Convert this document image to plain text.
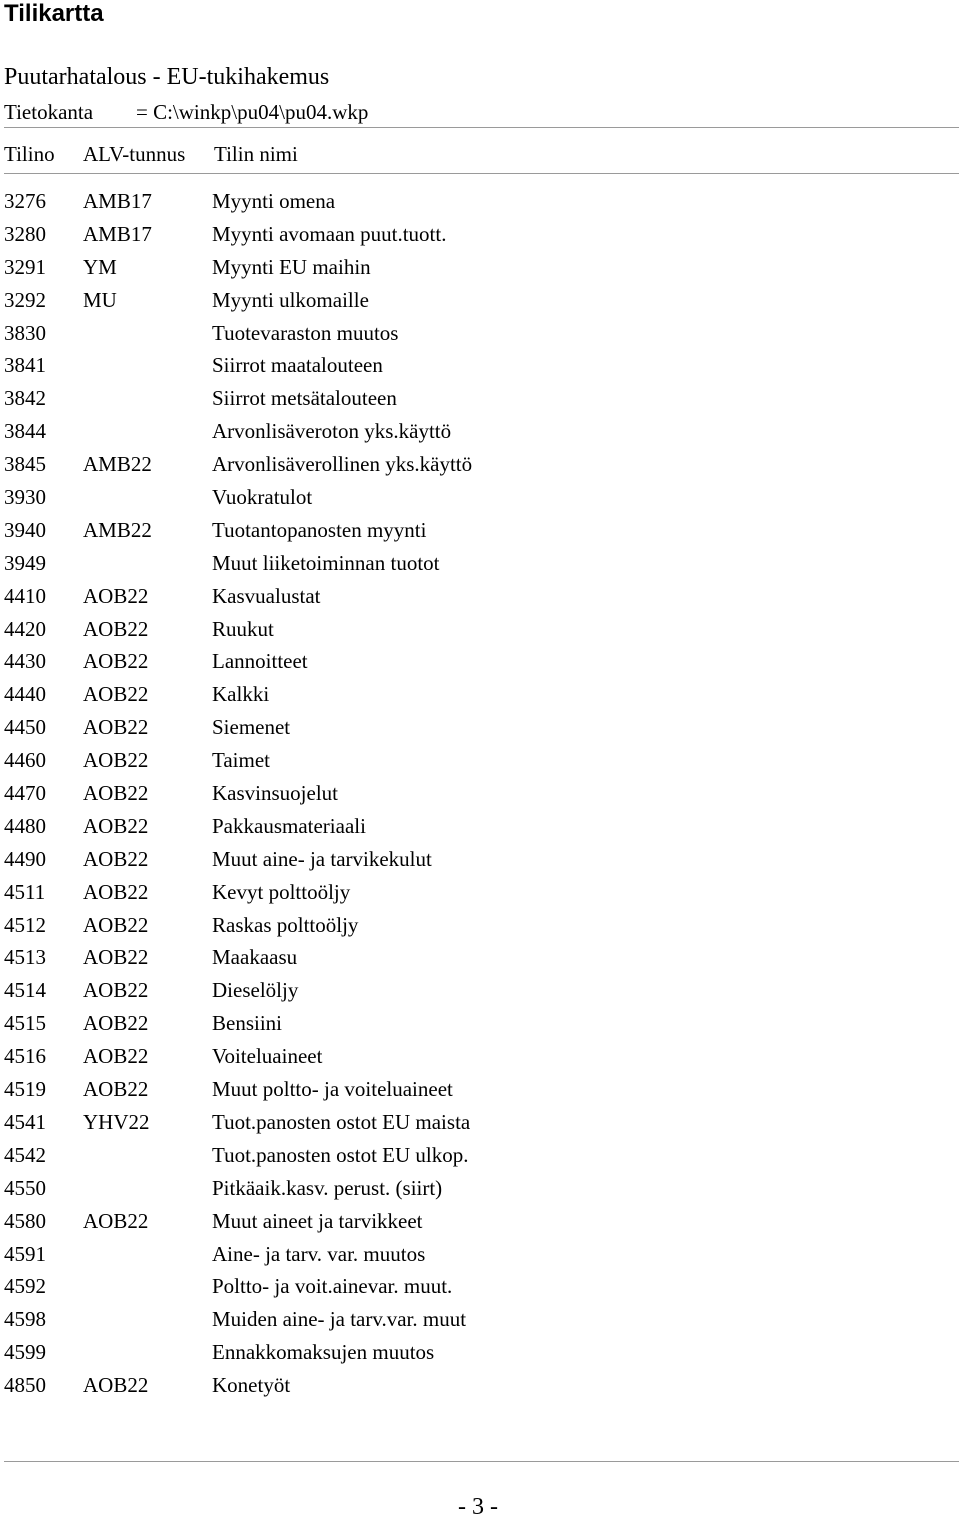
Tilikartta
Puutarhatalous - EU-tukihakemus
Tietokanta = C:\winkp\pu04\pu04.wkp
Tilino ALV-tunnus Tilin nimi
3276 AMB17	Myynti omena
3280 AMB17	Myynti avomaan puut.tuott.
3291 YM	Myynti EU maihin
3292 MU	Myynti ulkomaille
3830	Tuotevaraston muutos
3841	Siirrot maatalouteen
3842	Siirrot metsätalouteen
3844	Arvonlisäveroton yks.käyttö
3845 AMB22	Arvonlisäverollinen yks.käyttö
3930	Vuokratulot
3940 AMB22	Tuotantopanosten myynti
3949	Muut liiketoiminnan tuotot
4410 AOB22	Kasvualustat
4420 AOB22	Ruukut
4430 AOB22	Lannoitteet
4440 AOB22	Kalkki
4450 AOB22	Siemenet
4460 AOB22	Taimet
4470 AOB22	Kasvinsuojelut
4480 AOB22	Pakkausmateriaali
4490 AOB22	Muut aine- ja tarvikekulut
4511 AOB22	Kevyt polttoöljy
4512 AOB22	Raskas polttoöljy
4513 AOB22	Maakaasu
4514 AOB22	Dieselöljy
4515 AOB22	Bensiini
4516 AOB22	Voiteluaineet
4519 AOB22	Muut poltto- ja voiteluaineet
4541 YHV22	Tuot.panosten ostot EU maista
4542	Tuot.panosten ostot EU ulkop.
4550	Pitkäaik.kasv. perust. (siirt)
4580 AOB22	Muut aineet ja tarvikkeet
4591	Aine- ja tarv. var. muutos
4592	Poltto- ja voit.ainevar. muut.
4598	Muiden aine- ja tarv.var. muut
4599	Ennakkomaksujen muutos
4850 AOB22	Konetyöt
- 3 -
